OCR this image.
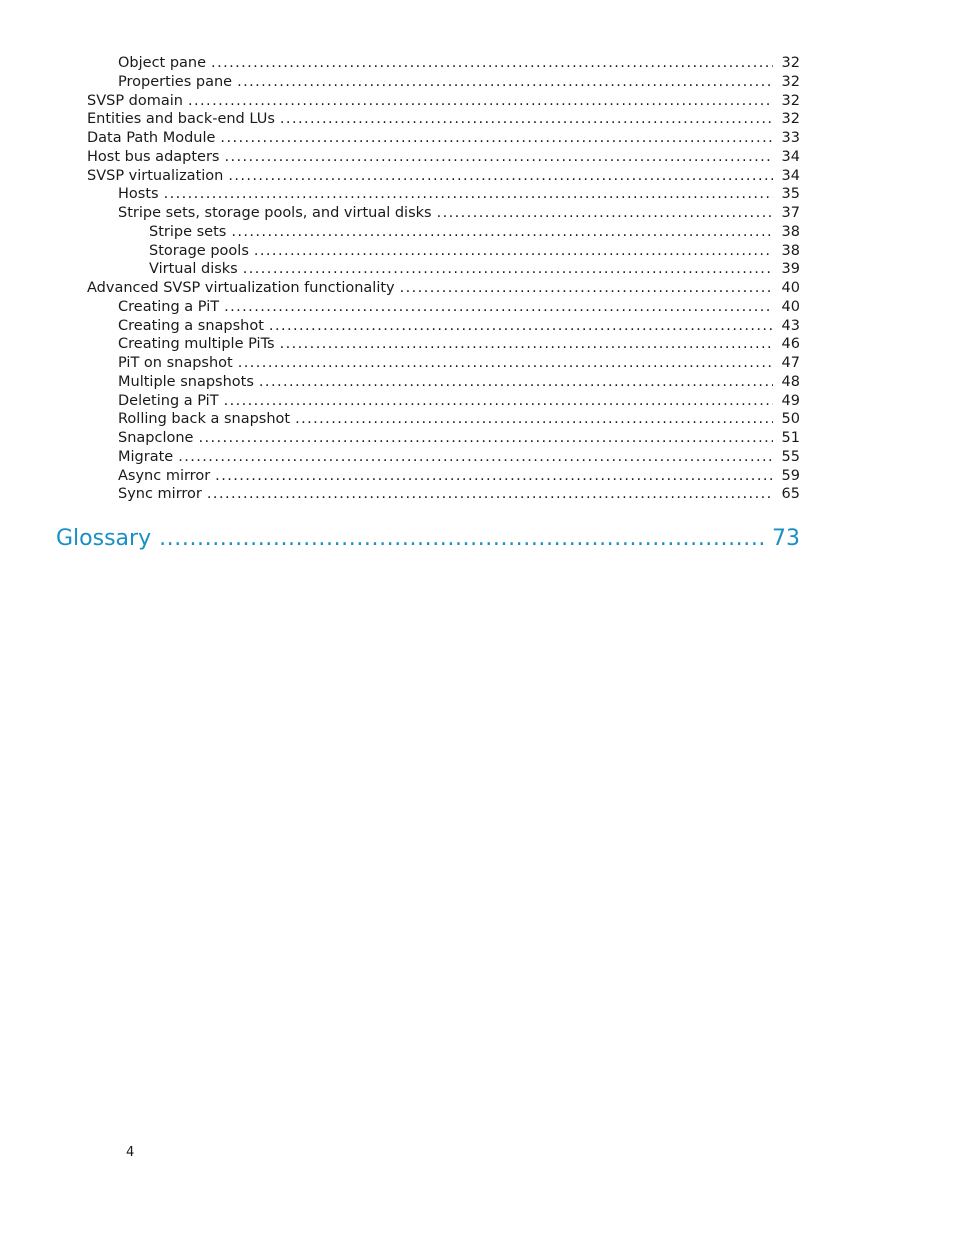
Object pane . . .	32
Properties pane . . .	32
SVSP domain . . .	32
Entities and back-end LUs . . .	32
Data Path Module . . .	33
Host bus adapters . . .	34
SVSP virtualization . . .	34
Hosts . . .	35
Stripe sets, storage pools, and virtual disks . . .	37
Stripe sets . . .	38
Storage pools . . .	38
Virtual disks . . .	39
Advanced SVSP virtualization functionality . . .	40
Creating a PiT . . .	40
Creating a snapshot . . .	43
Creating multiple PiTs . . .	46
PiT on snapshot . . .	47
Multiple snapshots . . .	48
Deleting a PiT . . .	49
Rolling back a snapshot . . .	50
Snapclone . . .	51
Migrate . . .	55
Async mirror . . .	59
Sync mirror . . .	65
Glossary . . .	73
4
